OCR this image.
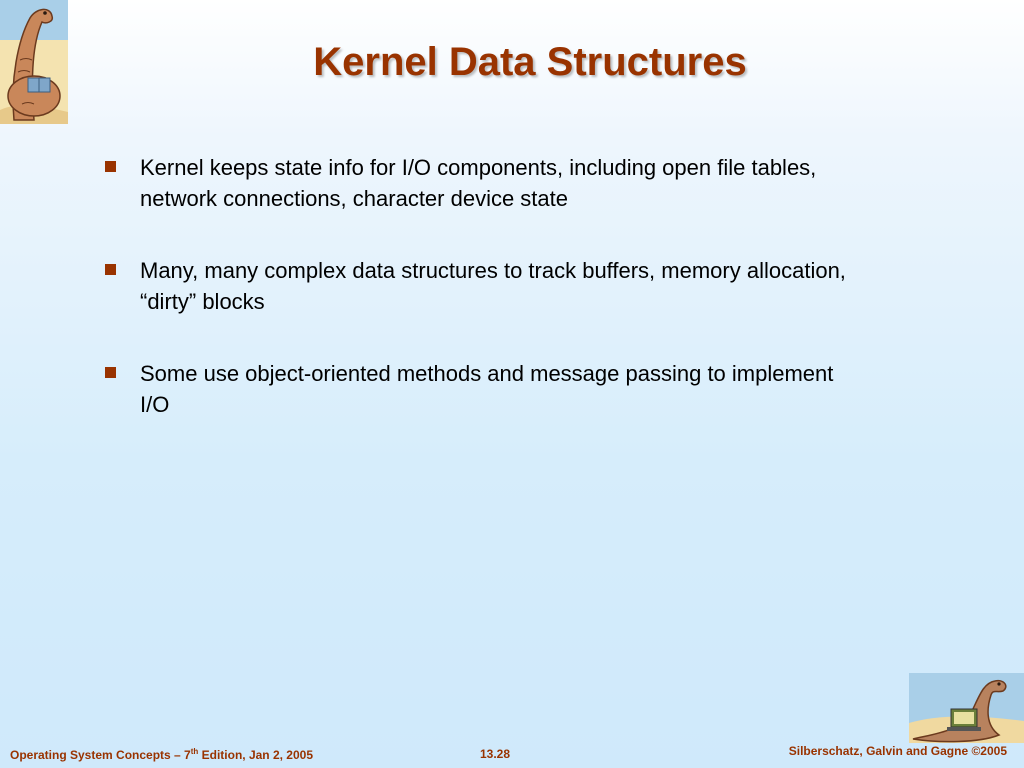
Kernel Data Structures
Kernel keeps state info for I/O components, including open file tables, network connections, character device state
Many, many complex data structures to track buffers, memory allocation, “dirty” blocks
Some use object-oriented methods and message passing to implement I/O
Operating System Concepts – 7th Edition, Jan 2, 2005	13.28	Silberschatz, Galvin and Gagne ©2005
